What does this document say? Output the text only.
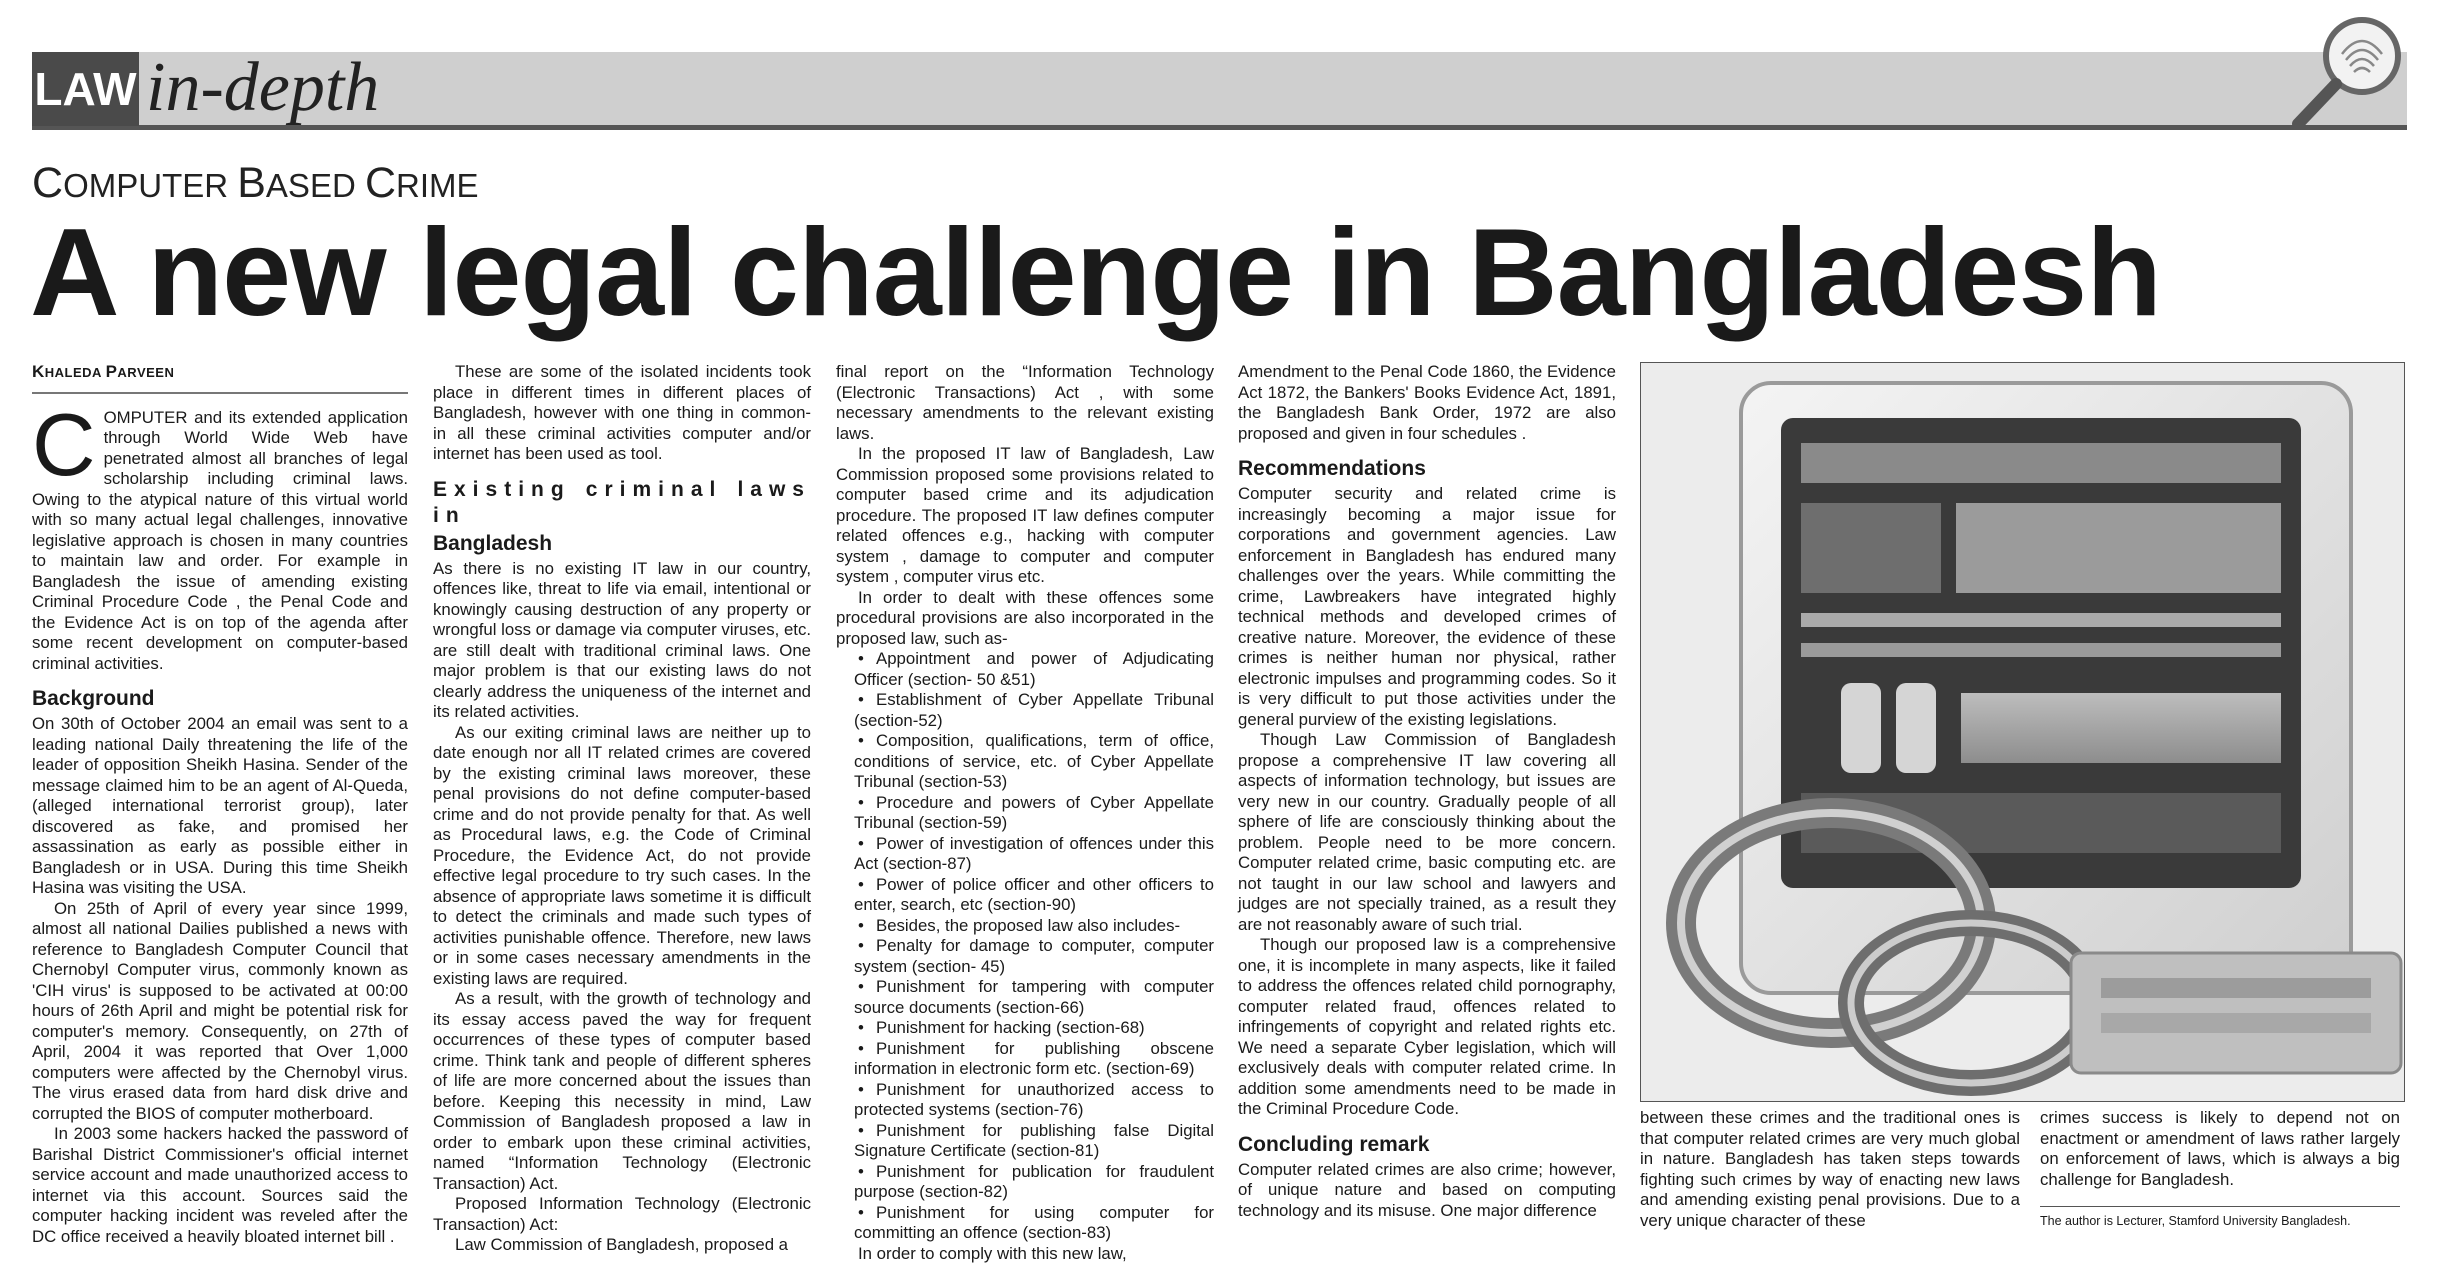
LAW in-depth
COMPUTER BASED CRIME
A new legal challenge in Bangladesh
KHALEDA PARVEEN
COMPUTER and its extended application through World Wide Web have penetrated almost all branches of legal scholarship including criminal laws. Owing to the atypical nature of this virtual world with so many actual legal challenges, innovative legislative approach is chosen in many countries to maintain law and order. For example in Bangladesh the issue of amending existing Criminal Procedure Code , the Penal Code and the Evidence Act is on top of the agenda after some recent development on computer-based criminal activities.
Background

On 30th of October 2004 an email was sent to a leading national Daily threatening the life of the leader of opposition Sheikh Hasina. Sender of the message claimed him to be an agent of Al-Queda, (alleged international terrorist group), later discovered as fake, and promised her assassination as early as possible either in Bangladesh or in USA. During this time Sheikh Hasina was visiting the USA.

On 25th of April of every year since 1999, almost all national Dailies published a news with reference to Bangladesh Computer Council that Chernobyl Computer virus, commonly known as 'CIH virus' is supposed to be activated at 00:00 hours of 26th April and might be potential risk for computer's memory. Consequently, on 27th of April, 2004 it was reported that Over 1,000 computers were affected by the Chernobyl virus. The virus erased data from hard disk drive and corrupted the BIOS of computer motherboard.

In 2003 some hackers hacked the password of Barishal District Commissioner's official internet service account and made unauthorized access to internet via this account. Sources said the computer hacking incident was reveled after the DC office received a heavily bloated internet bill .

These are some of the isolated incidents took place in different times in different places of Bangladesh, however with one thing in common- in all these criminal activities computer and/or internet has been used as tool.

Existing criminal laws in
Bangladesh

As there is no existing IT law in our country, offences like, threat to life via email, intentional or knowingly causing destruction of any property or wrongful loss or damage via computer viruses, etc. are still dealt with traditional criminal laws. One major problem is that our existing laws do not clearly address the uniqueness of the internet and its related activities.

As our exiting criminal laws are neither up to date enough nor all IT related crimes are covered by the existing criminal laws moreover, these penal provisions do not define computer-based crime and do not provide penalty for that. As well as Procedural laws, e.g. the Code of Criminal Procedure, the Evidence Act, do not provide effective legal procedure to try such cases. In the absence of appropriate laws sometime it is difficult to detect the criminals and made such types of activities punishable offence. Therefore, new laws or in some cases necessary amendments in the existing laws are required.

As a result, with the growth of technology and its essay access paved the way for frequent occurrences of these types of computer based crime. Think tank and people of different spheres of life are more concerned about the issues than before. Keeping this necessity in mind, Law Commission of Bangladesh proposed a law in order to embark upon these criminal activities, named “Information Technology (Electronic Transaction) Act.

Proposed Information Technology (Electronic Transaction) Act:

Law Commission of Bangladesh, proposed a

final report on the “Information Technology (Electronic Transactions) Act , with some necessary amendments to the relevant existing laws.

In the proposed IT law of Bangladesh, Law Commission proposed some provisions related to computer based crime and its adjudication procedure. The proposed IT law defines computer related offences e.g., hacking with computer system , damage to computer and computer system , computer virus etc.

In order to dealt with these offences some procedural provisions are also incorporated in the proposed law, such as-

• Appointment and power of Adjudicating Officer (section- 50 &51)

• Establishment of Cyber Appellate Tribunal (section-52)

• Composition, qualifications, term of office, conditions of service, etc. of Cyber Appellate Tribunal (section-53)

• Procedure and powers of Cyber Appellate Tribunal (section-59)

• Power of investigation of offences under this Act (section-87)

• Power of police officer and other officers to enter, search, etc (section-90)

• Besides, the proposed law also includes-

• Penalty for damage to computer, computer system (section- 45)

• Punishment for tampering with computer source documents (section-66)

• Punishment for hacking (section-68)

• Punishment for publishing obscene information in electronic form etc. (section-69)

• Punishment for unauthorized access to protected systems (section-76)

• Punishment for publishing false Digital Signature Certificate (section-81)

• Punishment for publication for fraudulent purpose (section-82)

• Punishment for using computer for committing an offence (section-83)

In order to comply with this new law,

Amendment to the Penal Code 1860, the Evidence Act 1872, the Bankers' Books Evidence Act, 1891, the Bangladesh Bank Order, 1972 are also proposed and given in four schedules .

Recommendations

Computer security and related crime is increasingly becoming a major issue for corporations and government agencies. Law enforcement in Bangladesh has endured many challenges over the years. While committing the crime, Lawbreakers have integrated highly technical methods and developed crimes of creative nature. Moreover, the evidence of these crimes is neither human nor physical, rather electronic impulses and programming codes. So it is very difficult to put those activities under the general purview of the existing legislations.

Though Law Commission of Bangladesh propose a comprehensive IT law covering all aspects of information technology, but issues are very new in our country. Gradually people of all sphere of life are consciously thinking about the problem. People need to be more concern. Computer related crime, basic computing etc. are not taught in our law school and lawyers and judges are not specially trained, as a result they are not reasonably aware of such trial.

Though our proposed law is a comprehensive one, it is incomplete in many aspects, like it failed to address the offences related child pornography, computer related fraud, offences related to infringements of copyright and related rights etc. We need a separate Cyber legislation, which will exclusively deals with computer related crime. In addition some amendments need to be made in the Criminal Procedure Code.

Concluding remark

Computer related crimes are also crime; however, of unique nature and based on computing technology and its misuse. One major difference

between these crimes and the traditional ones is that computer related crimes are very much global in nature. Bangladesh has taken steps towards fighting such crimes by way of enacting new laws and amending existing penal provisions. Due to a very unique character of these

crimes success is likely to depend not on enactment or amendment of laws rather largely on enforcement of laws, which is always a big challenge for Bangladesh.

The author is Lecturer, Stamford University Bangladesh.
